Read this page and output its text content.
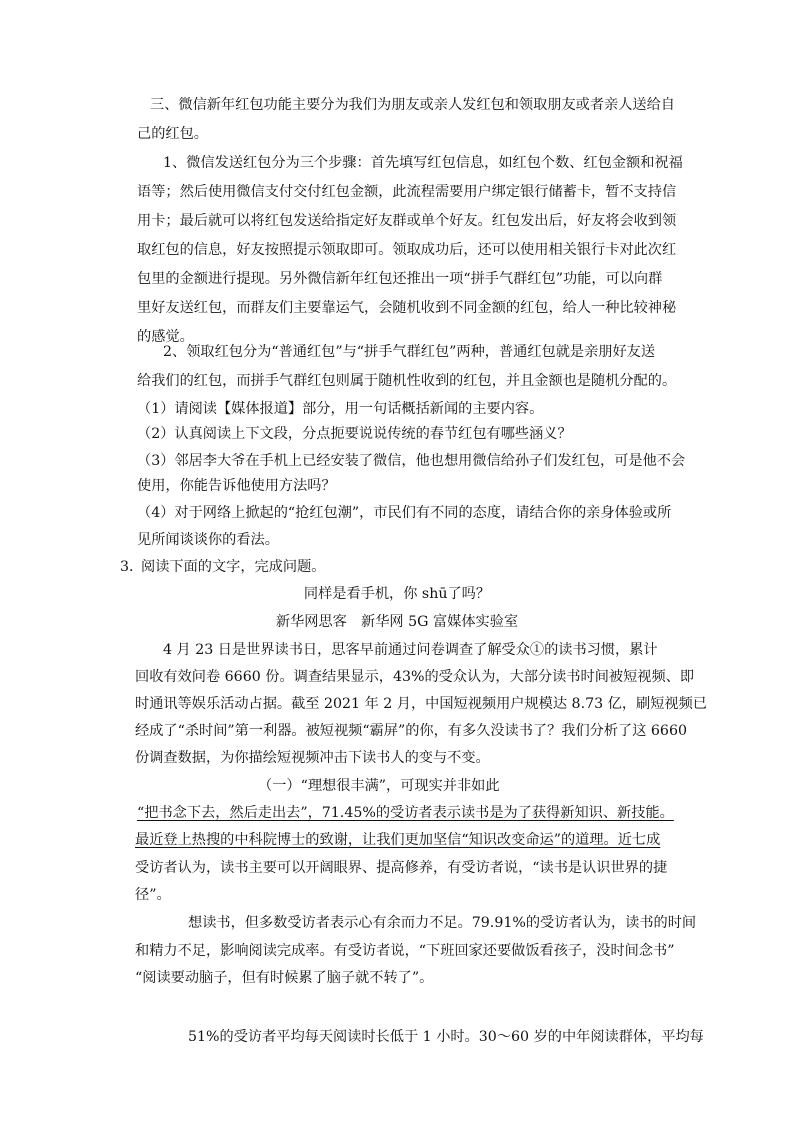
三、微信新年红包功能主要分为我们为朋友或亲人发红包和领取朋友或者亲人送给自
己的红包。
1、微信发送红包分为三个步骤：首先填写红包信息，如红包个数、红包金额和祝福
语等；然后使用微信支付交付红包金额，此流程需要用户绑定银行储蓄卡，暂不支持信
用卡；最后就可以将红包发送给指定好友群或单个好友。红包发出后，好友将会收到领
取红包的信息，好友按照提示领取即可。领取成功后，还可以使用相关银行卡对此次红
包里的金额进行提现。另外微信新年红包还推出一项“拼手气群红包”功能，可以向群
里好友送红包，而群友们主要靠运气，会随机收到不同金额的红包，给人一种比较神秘
的感觉。
2、领取红包分为“普通红包”与“拼手气群红包”两种，普通红包就是亲朋好友送
给我们的红包，而拼手气群红包则属于随机性收到的红包，并且金额也是随机分配的。
（1）请阅读【媒体报道】部分，用一句话概括新闻的主要内容。
（2）认真阅读上下文段，分点扼要说说传统的春节红包有哪些涵义？
（3）邻居李大爷在手机上已经安装了微信，他也想用微信给孙子们发红包，可是他不会
使用，你能告诉他使用方法吗？
（4）对于网络上掀起的“抢红包潮”，市民们有不同的态度，请结合你的亲身体验或所
见所闻谈谈你的看法。
3．
阅读下面的文字，完成问题。
同样是看手机，你 shū了吗？
新华网思客　新华网 5G 富媒体实验室
4 月 23 日是世界读书日，思客早前通过问卷调查了解受众①的读书习惯，累计
回收有效问卷 6660 份。调查结果显示，43%的受众认为，大部分读书时间被短视频、即
时通讯等娱乐活动占据。截至 2021 年 2 月，中国短视频用户规模达 8.73 亿，刷短视频已
经成了“杀时间”第一利器。被短视频“霸屏”的你，有多久没读书了？我们分析了这 6660
份调查数据，为你描绘短视频冲击下读书人的变与不变。
（一）“理想很丰满”，可现实并非如此
“把书念下去，然后走出去”，71.45%的受访者表示读书是为了获得新知识、新技能。
最近登上热搜的中科院博士的致谢，让我们更加坚信“知识改变命运”的道理。近七成
受访者认为，读书主要可以开阔眼界、提高修养，有受访者说，“读书是认识世界的捷
径”。
想读书，但多数受访者表示心有余而力不足。79.91%的受访者认为，读书的时间
和精力不足，影响阅读完成率。有受访者说，“下班回家还要做饭看孩子，没时间念书”
“阅读要动脑子，但有时候累了脑子就不转了”。
51%的受访者平均每天阅读时长低于 1 小时。30～60 岁的中年阅读群体，平均每
